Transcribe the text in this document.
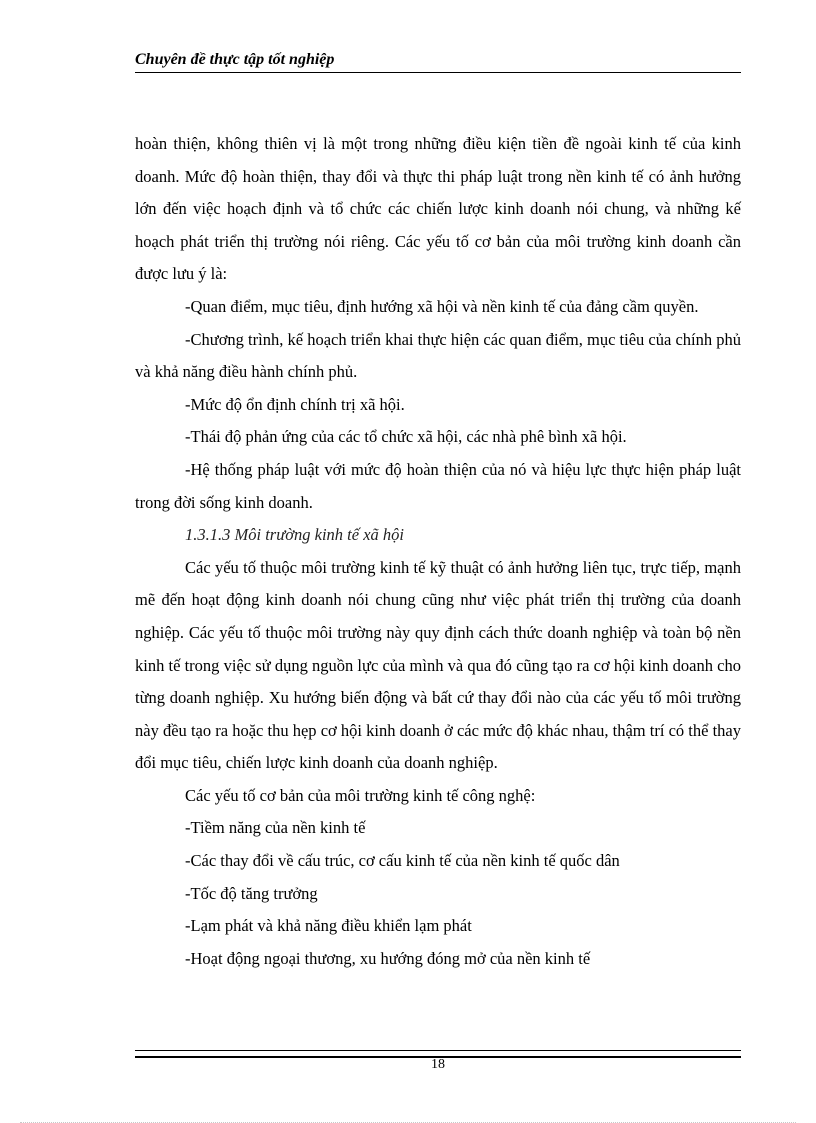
Chuyên đề thực tập tốt nghiệp

hoàn thiện, không thiên vị là một trong những điều kiện tiền đề ngoài kinh tế của kinh doanh. Mức độ hoàn thiện, thay đổi và thực thi pháp luật trong nền kinh tế có ảnh hưởng lớn đến việc hoạch định và tổ chức các chiến lược kinh doanh nói chung, và những kế hoạch phát triển thị trường nói riêng. Các yếu tố cơ bản của môi trường kinh doanh cần được lưu ý là:

-Quan điểm, mục tiêu, định hướng xã hội và nền kinh tế của đảng cầm quyền.

-Chương trình, kế hoạch triển khai thực hiện các quan điểm, mục tiêu của chính phủ và khả năng điều hành chính phủ.

-Mức độ ổn định chính trị xã hội.

-Thái độ phản ứng của các tổ chức xã hội, các nhà phê bình xã hội.

-Hệ thống pháp luật với mức độ hoàn thiện của nó và hiệu lực thực hiện pháp luật trong đời sống kinh doanh.

1.3.1.3 Môi trường kinh tế xã hội

Các yếu tố thuộc môi trường kinh tế kỹ thuật có ảnh hưởng liên tục, trực tiếp, mạnh mẽ đến hoạt động kinh doanh nói chung cũng như việc phát triển thị trường của doanh nghiệp. Các yếu tố thuộc môi trường này quy định cách thức doanh nghiệp và toàn bộ nền kinh tế trong việc sử dụng nguồn lực của mình và qua đó cũng tạo ra cơ hội kinh doanh cho từng doanh nghiệp. Xu hướng biến động và bất cứ thay đổi nào của các yếu tố môi trường này đều tạo ra hoặc thu hẹp cơ hội kinh doanh ở các mức độ khác nhau, thậm trí có thể thay đổi mục tiêu, chiến lược kinh doanh của doanh nghiệp.

Các yếu tố cơ bản của môi trường kinh tế công nghệ:

-Tiềm năng của nền kinh tế

-Các thay đổi về cấu trúc, cơ cấu kinh tế của nền kinh tế quốc dân

-Tốc độ tăng trưởng

-Lạm phát và khả năng điều khiển lạm phát

-Hoạt động ngoại thương, xu hướng đóng mở của nền kinh tế

18
